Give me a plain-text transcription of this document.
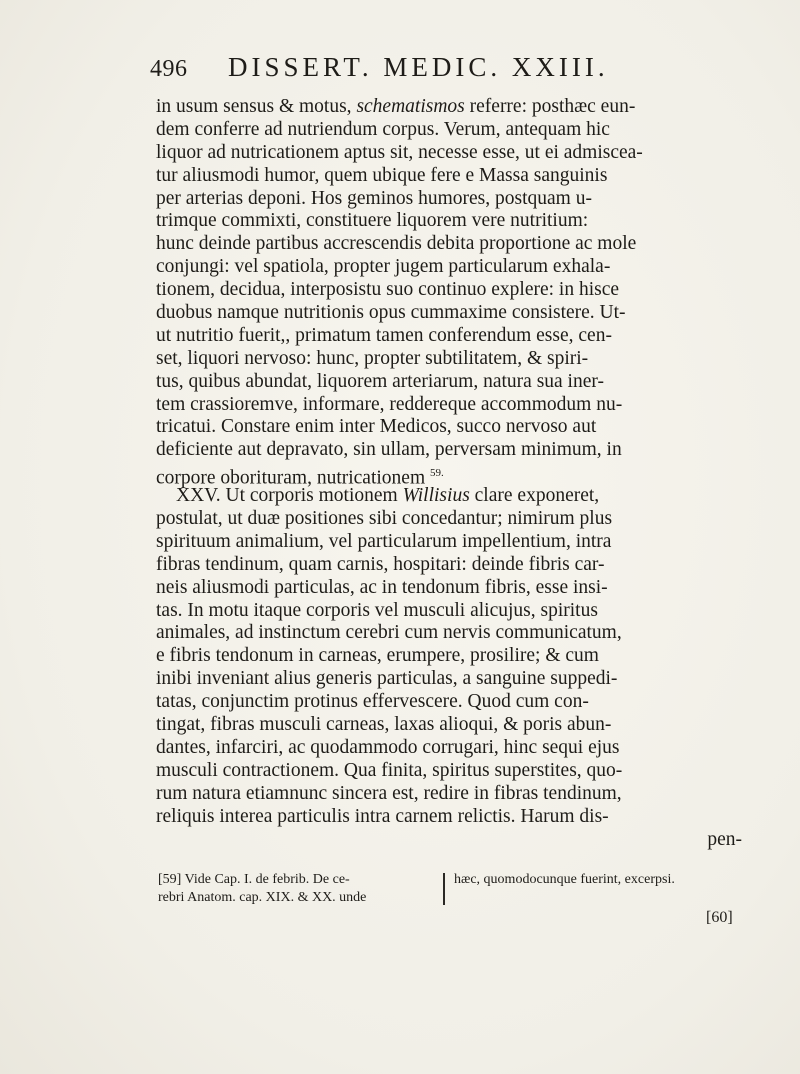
496 DISSERT. MEDIC. XXIII.
in usum sensus & motus, schematismos referre: posthæc eun-
dem conferre ad nutriendum corpus. Verum, antequam hic
liquor ad nutricationem aptus sit, necesse esse, ut ei admiscea-
tur aliusmodi humor, quem ubique fere e Massa sanguinis
per arterias deponi. Hos geminos humores, postquam u-
trimque commixti, constituere liquorem vere nutritium:
hunc deinde partibus accrescendis debita proportione ac mole
conjungi: vel spatiola, propter jugem particularum exhala-
tionem, decidua, interposistu suo continuo explere: in hisce
duobus namque nutritionis opus cummaxime consistere. Ut-
ut nutritio fuerit,, primatum tamen conferendum esse, cen-
set, liquori nervoso: hunc, propter subtilitatem, & spiri-
tus, quibus abundat, liquorem arteriarum, natura sua iner-
tem crassioremve, informare, reddereque accommodum nu-
tricatui. Constare enim inter Medicos, succo nervoso aut
deficiente aut depravato, sin ullam, perversam minimum, in
corpore oborituram, nutricationem $^{59.}$
XXV. Ut corporis motionem Willisius clare exponeret,
postulat, ut duæ positiones sibi concedantur; nimirum plus
spirituum animalium, vel particularum impellentium, intra
fibras tendinum, quam carnis, hospitari: deinde fibris car-
neis aliusmodi particulas, ac in tendonum fibris, esse insi-
tas. In motu itaque corporis vel musculi alicujus, spiritus
animales, ad instinctum cerebri cum nervis communicatum,
e fibris tendonum in carneas, erumpere, prosilire; & cum
inibi inveniant alius generis particulas, a sanguine suppedi-
tatas, conjunctim protinus effervescere. Quod cum con-
tingat, fibras musculi carneas, laxas alioqui, & poris abun-
dantes, infarciri, ac quodammodo corrugari, hinc sequi ejus
musculi contractionem. Qua finita, spiritus superstites, quo-
rum natura etiamnunc sincera est, redire in fibras tendinum,
reliquis interea particulis intra carnem relictis. Harum dis-
pen-
[59] Vide Cap. I. de febrib. De ce-
rebri Anatom. cap. XIX. & XX. unde
hæc, quomodocunque fuerint, excerpsi.
[60]
